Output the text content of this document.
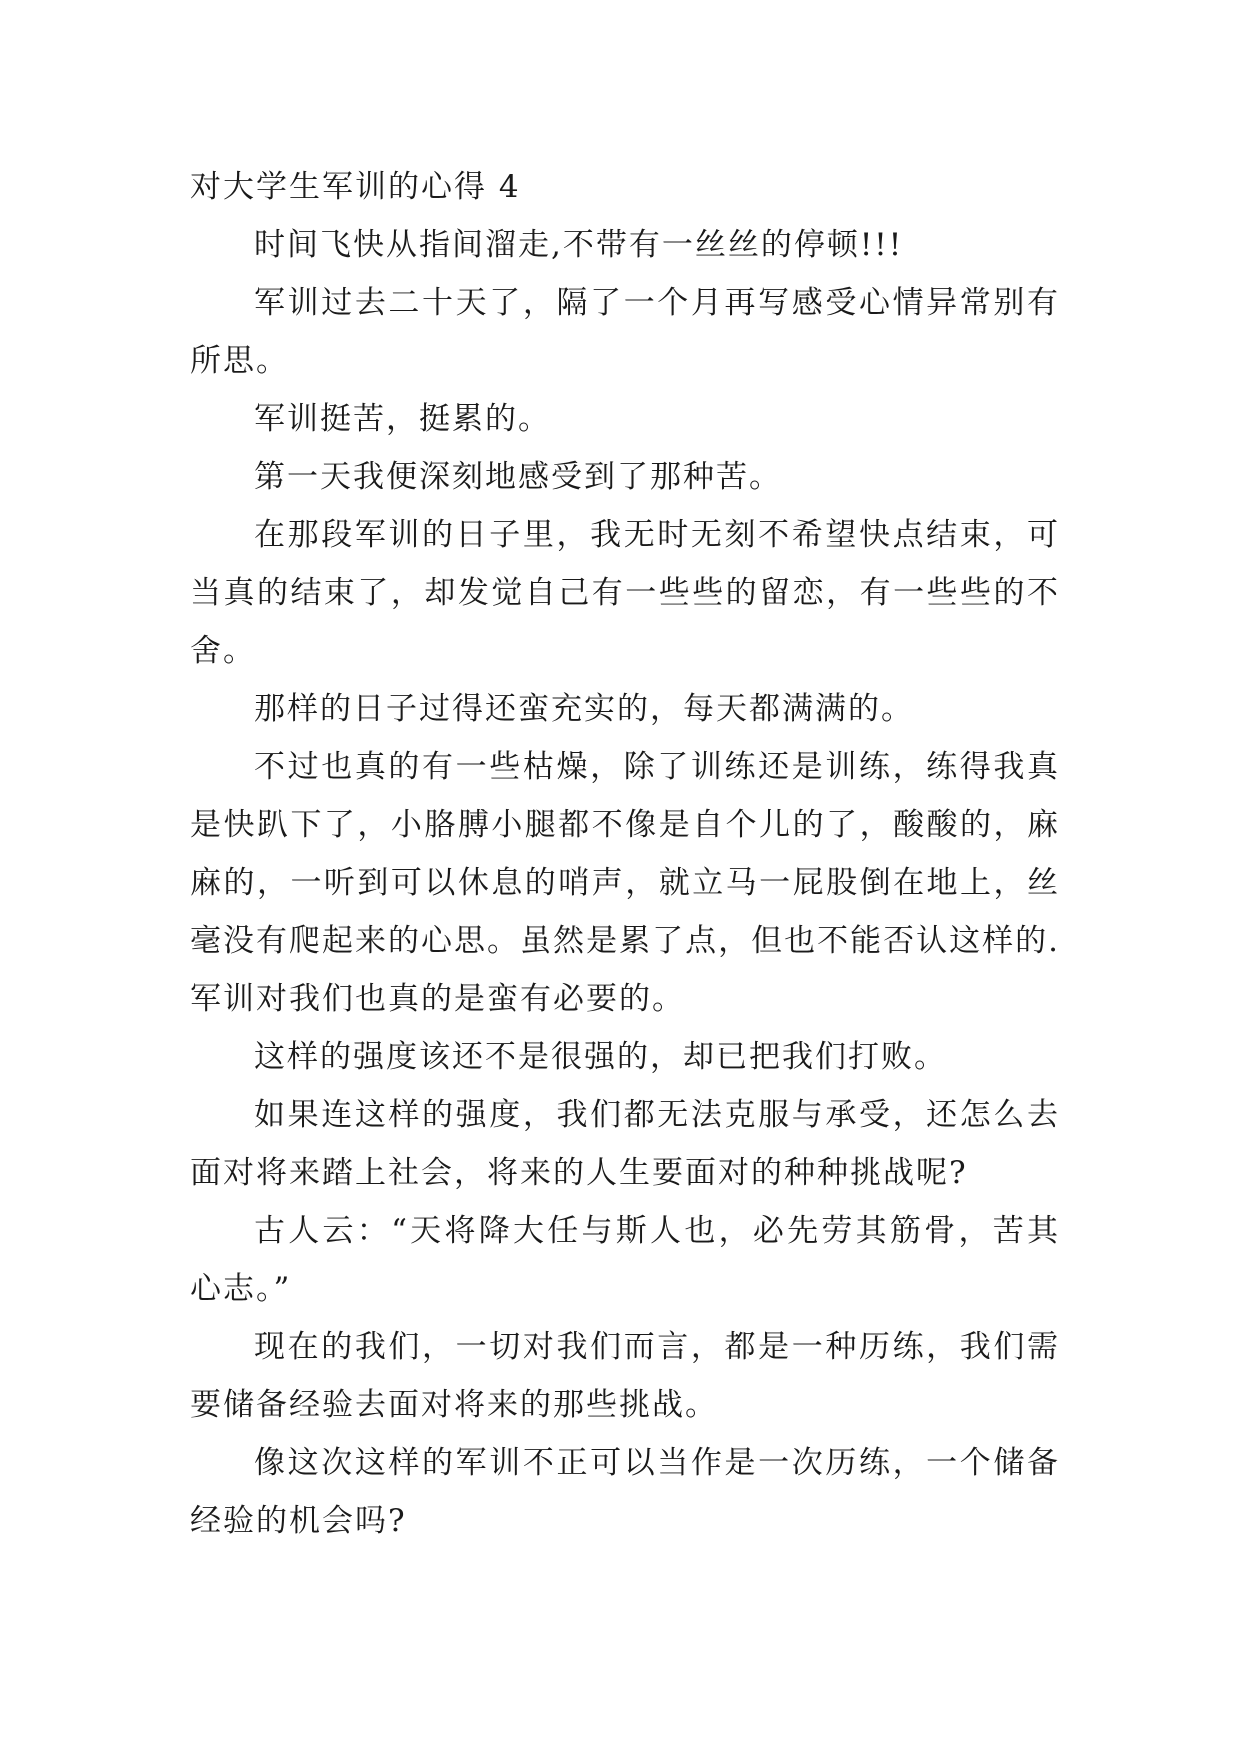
对大学生军训的心得 4

时间飞快从指间溜走,不带有一丝丝的停顿!!!

军训过去二十天了，隔了一个月再写感受心情异常别有所思。

军训挺苦，挺累的。

第一天我便深刻地感受到了那种苦。

在那段军训的日子里，我无时无刻不希望快点结束，可当真的结束了，却发觉自己有一些些的留恋，有一些些的不舍。

那样的日子过得还蛮充实的，每天都满满的。

不过也真的有一些枯燥，除了训练还是训练，练得我真是快趴下了，小胳膊小腿都不像是自个儿的了，酸酸的，麻麻的，一听到可以休息的哨声，就立马一屁股倒在地上，丝毫没有爬起来的心思。虽然是累了点，但也不能否认这样的.军训对我们也真的是蛮有必要的。

这样的强度该还不是很强的，却已把我们打败。

如果连这样的强度，我们都无法克服与承受，还怎么去面对将来踏上社会，将来的人生要面对的种种挑战呢?

古人云：“天将降大任与斯人也，必先劳其筋骨，苦其心志。”

现在的我们，一切对我们而言，都是一种历练，我们需要储备经验去面对将来的那些挑战。

像这次这样的军训不正可以当作是一次历练，一个储备经验的机会吗?
